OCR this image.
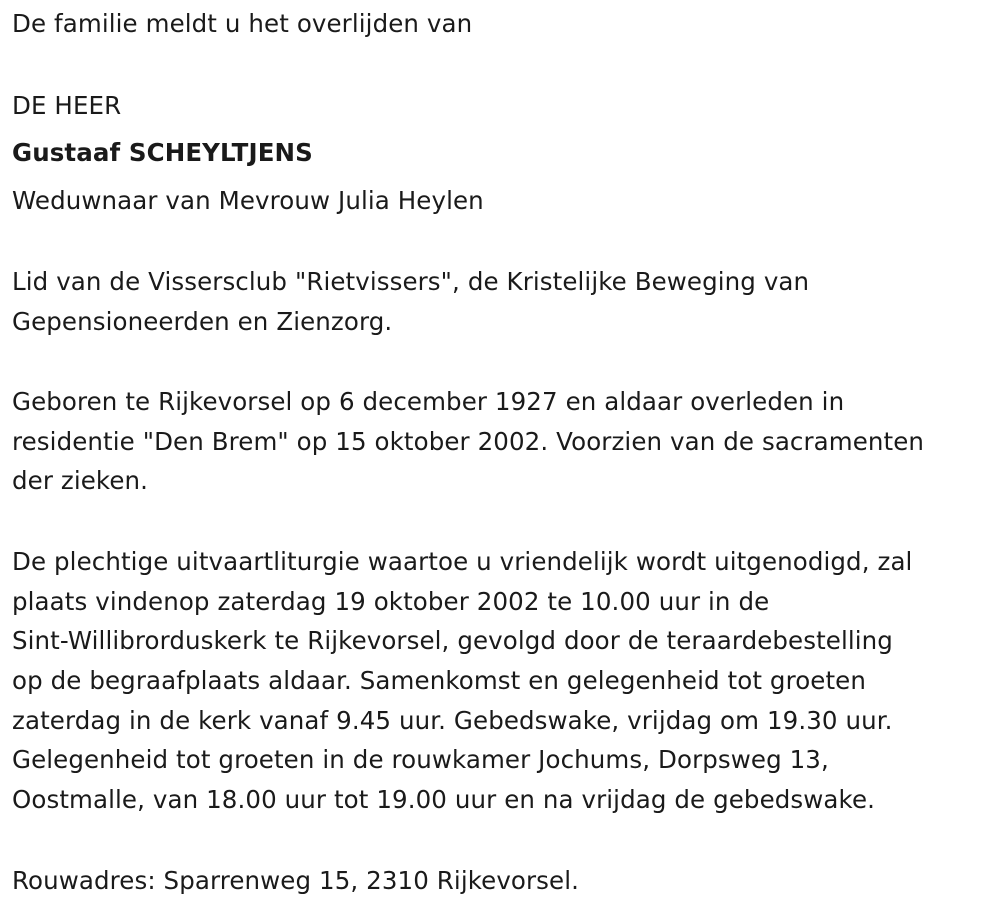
De familie meldt u het overlijden van
DE HEER
Gustaaf SCHEYLTJENS
Weduwnaar van Mevrouw Julia Heylen
Lid van de Vissersclub "Rietvissers", de Kristelijke Beweging van
Gepensioneerden en Zienzorg.
Geboren te Rijkevorsel op 6 december 1927 en aldaar overleden in
residentie "Den Brem" op 15 oktober 2002. Voorzien van de sacramenten
der zieken.
De plechtige uitvaartliturgie waartoe u vriendelijk wordt uitgenodigd, zal
plaats vindenop zaterdag 19 oktober 2002 te 10.00 uur in de
Sint-Willibrorduskerk te Rijkevorsel, gevolgd door de teraardebestelling
op de begraafplaats aldaar. Samenkomst en gelegenheid tot groeten
zaterdag in de kerk vanaf 9.45 uur. Gebedswake, vrijdag om 19.30 uur.
Gelegenheid tot groeten in de rouwkamer Jochums, Dorpsweg 13,
Oostmalle, van 18.00 uur tot 19.00 uur en na vrijdag de gebedswake.
Rouwadres: Sparrenweg 15, 2310 Rijkevorsel.
